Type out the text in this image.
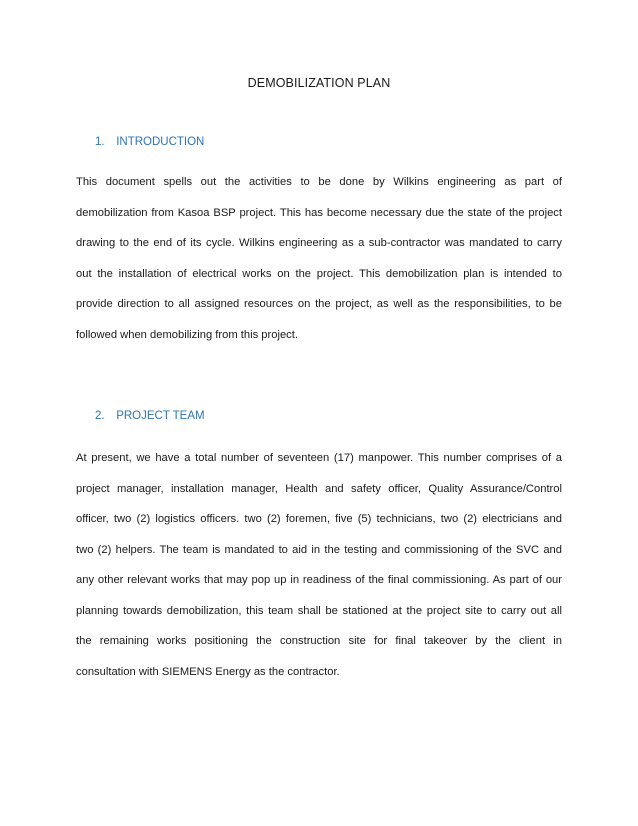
DEMOBILIZATION PLAN
1. INTRODUCTION
This document spells out the activities to be done by Wilkins engineering as part of
demobilization from Kasoa BSP project. This has become necessary due the state of the project
drawing to the end of its cycle. Wilkins engineering as a sub-contractor was mandated to carry
out the installation of electrical works on the project. This demobilization plan is intended to
provide direction to all assigned resources on the project, as well as the responsibilities, to be
followed when demobilizing from this project.
2. PROJECT TEAM
At present, we have a total number of seventeen (17) manpower. This number comprises of a
project manager, installation manager, Health and safety officer, Quality Assurance/Control
officer, two (2) logistics officers. two (2) foremen, five (5) technicians, two (2) electricians and
two (2) helpers. The team is mandated to aid in the testing and commissioning of the SVC and
any other relevant works that may pop up in readiness of the final commissioning. As part of our
planning towards demobilization, this team shall be stationed at the project site to carry out all
the remaining works positioning the construction site for final takeover by the client in
consultation with SIEMENS Energy as the contractor.
